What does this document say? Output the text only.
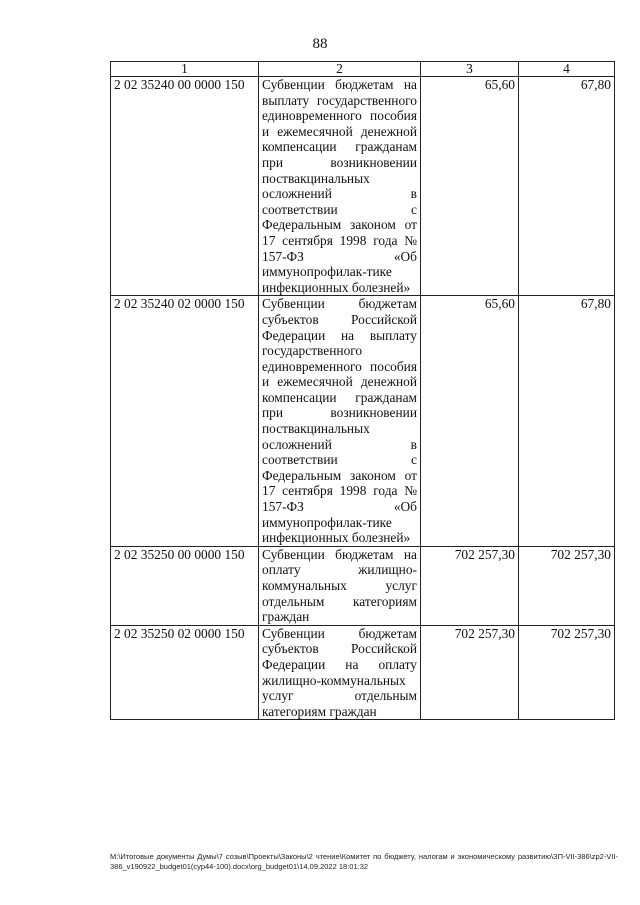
88
1	2	3	4
2 02 35240 00 0000 150	Субвенции бюджетам на выплату государственного единовременного пособия и ежемесячной денежной компенсации гражданам при возникновении поствакцинальных осложнений в соответствии с Федеральным законом от 17 сентября 1998 года № 157-ФЗ «Об иммунопрофилак-тике инфекционных болезней»	65,60	67,80
2 02 35240 02 0000 150	Субвенции бюджетам субъектов Российской Федерации на выплату государственного единовременного пособия и ежемесячной денежной компенсации гражданам при возникновении поствакцинальных осложнений в соответствии с Федеральным законом от 17 сентября 1998 года № 157-ФЗ «Об иммунопрофилак-тике инфекционных болезней»	65,60	67,80
2 02 35250 00 0000 150	Субвенции бюджетам на оплату жилищно-коммунальных услуг отдельным категориям граждан	702 257,30	702 257,30
2 02 35250 02 0000 150	Субвенции бюджетам субъектов Российской Федерации на оплату жилищно-коммунальных услуг отдельным категориям граждан	702 257,30	702 257,30
М:\Итоговые документы Думы\7 созыв\Проекты\Законы\2 чтение\Комитет по бюджету, налогам и экономическому развитию\ЗП-VII-386\zp2-VII-386_v190922_budget01(сур44-100).docx\org_budget01\14.09.2022 18:01:32
